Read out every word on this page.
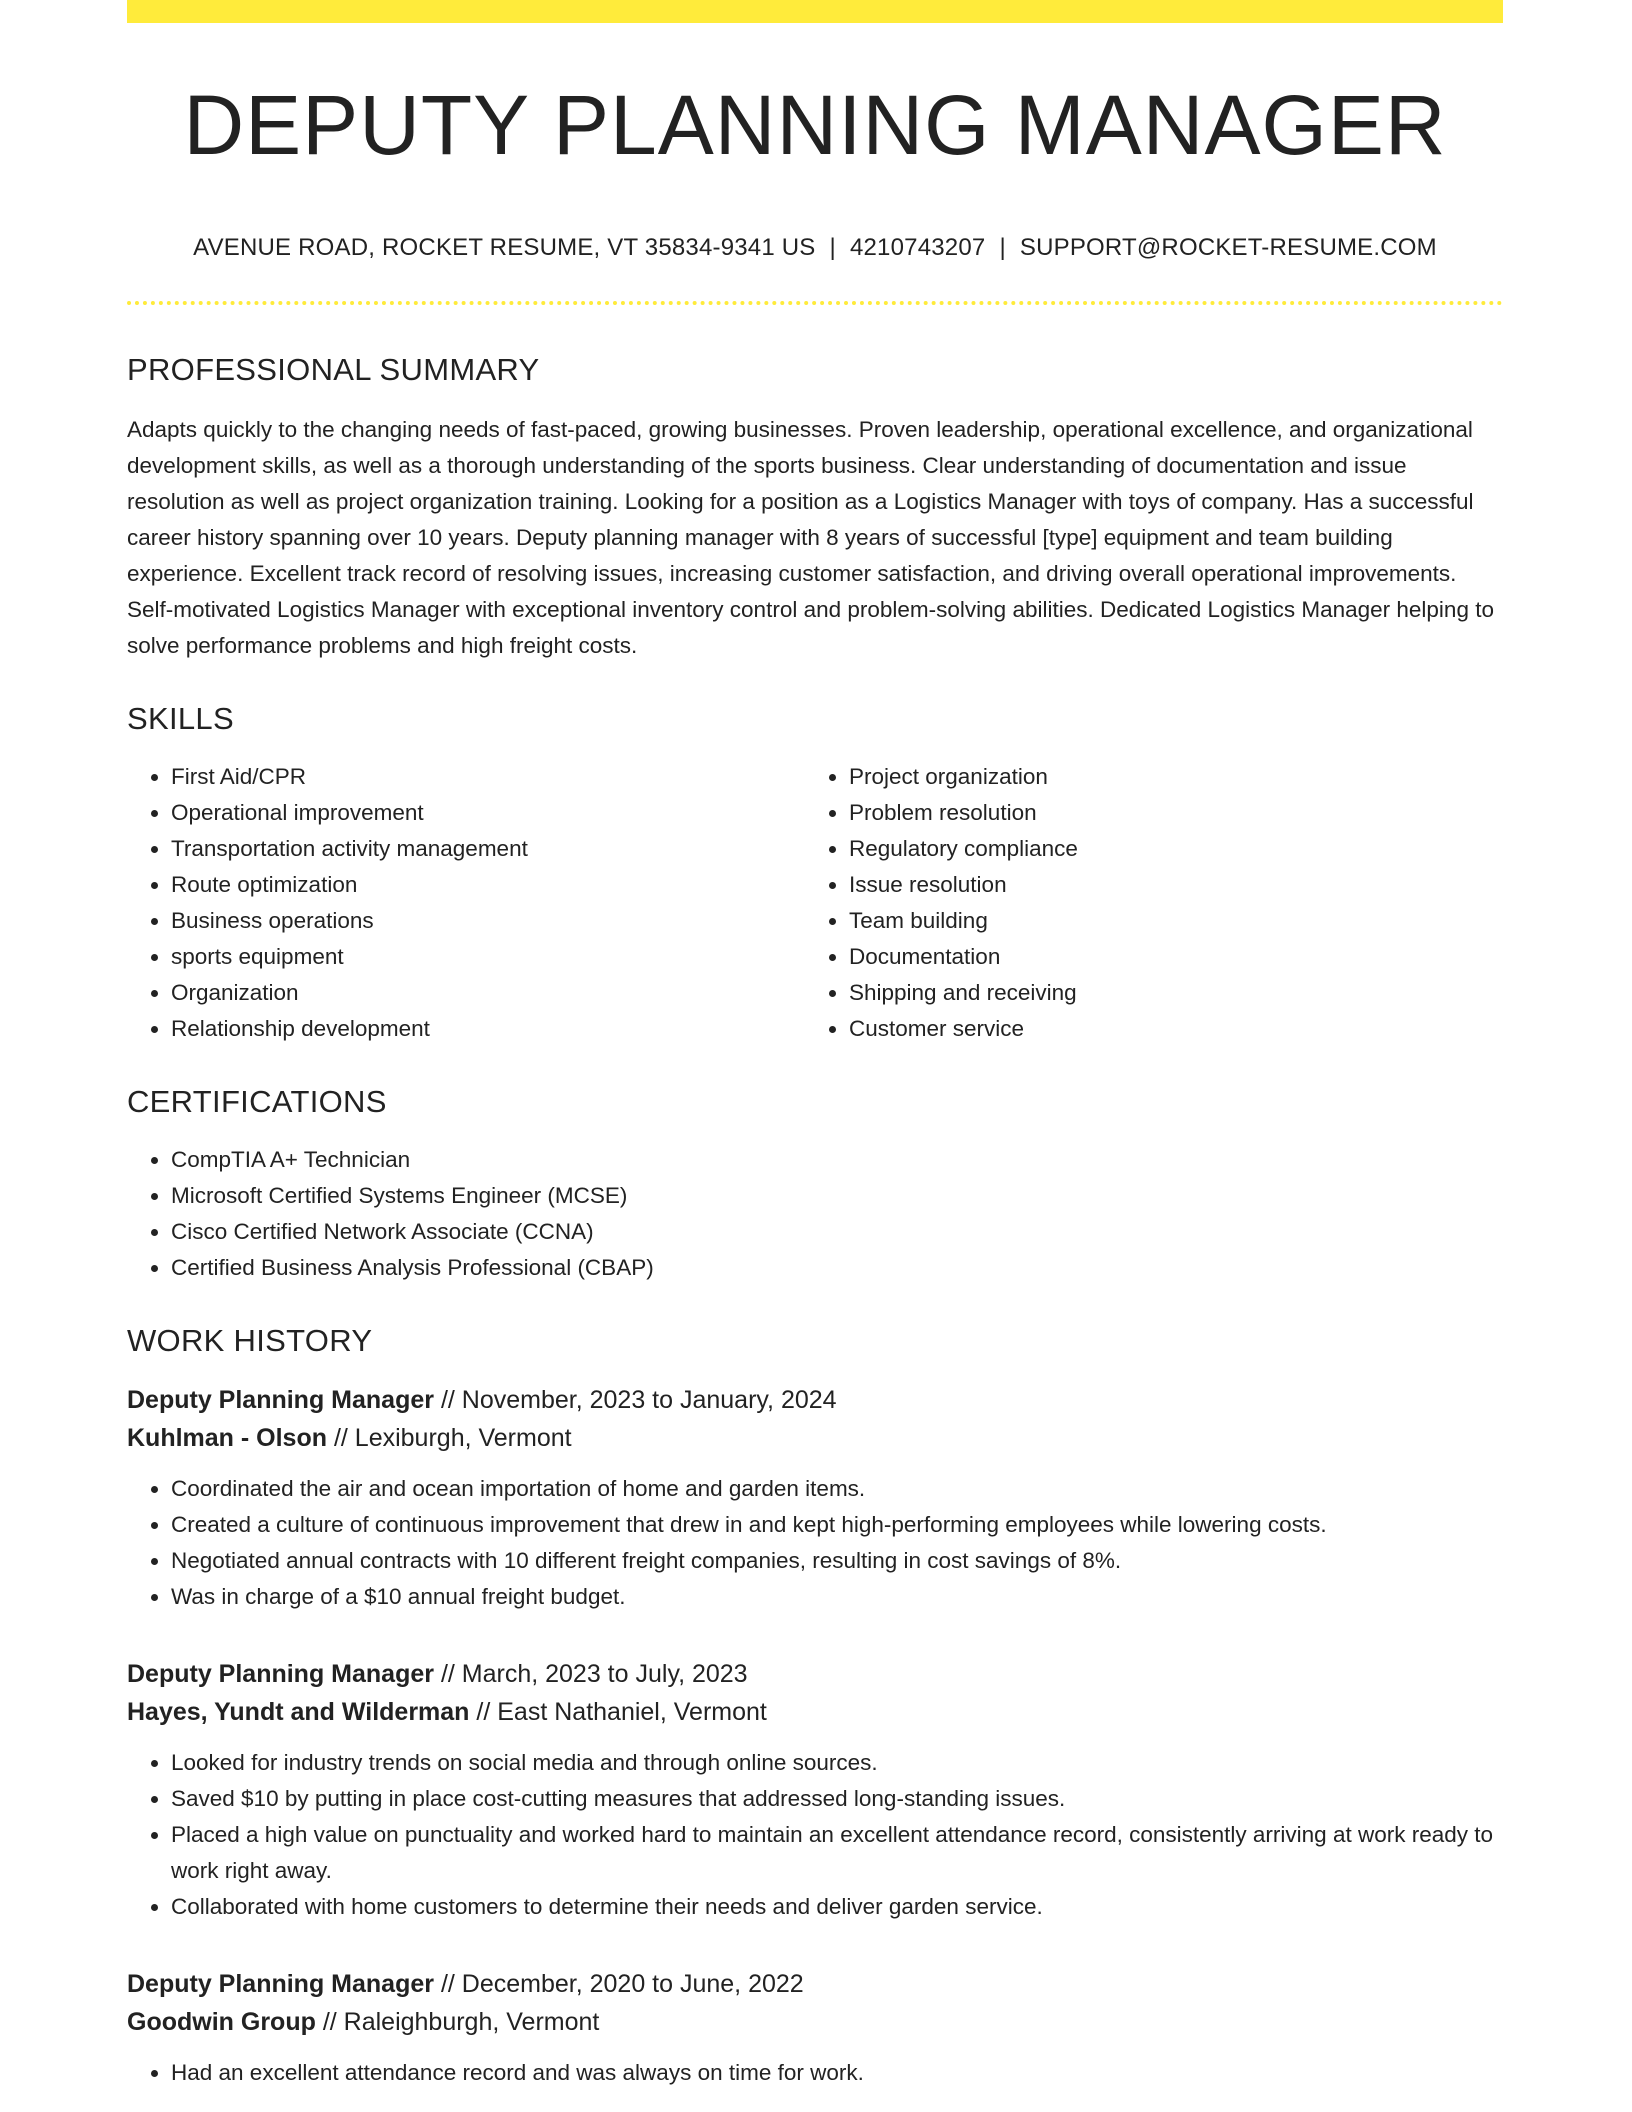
DEPUTY PLANNING MANAGER
AVENUE ROAD, ROCKET RESUME, VT 35834-9341 US | 4210743207 | SUPPORT@ROCKET-RESUME.COM
PROFESSIONAL SUMMARY
Adapts quickly to the changing needs of fast-paced, growing businesses. Proven leadership, operational excellence, and organizational development skills, as well as a thorough understanding of the sports business. Clear understanding of documentation and issue resolution as well as project organization training. Looking for a position as a Logistics Manager with toys of company. Has a successful career history spanning over 10 years. Deputy planning manager with 8 years of successful [type] equipment and team building experience. Excellent track record of resolving issues, increasing customer satisfaction, and driving overall operational improvements. Self-motivated Logistics Manager with exceptional inventory control and problem-solving abilities. Dedicated Logistics Manager helping to solve performance problems and high freight costs.
SKILLS
• First Aid/CPR
• Operational improvement
• Transportation activity management
• Route optimization
• Business operations
• sports equipment
• Organization
• Relationship development
• Project organization
• Problem resolution
• Regulatory compliance
• Issue resolution
• Team building
• Documentation
• Shipping and receiving
• Customer service
CERTIFICATIONS
• CompTIA A+ Technician
• Microsoft Certified Systems Engineer (MCSE)
• Cisco Certified Network Associate (CCNA)
• Certified Business Analysis Professional (CBAP)
WORK HISTORY
Deputy Planning Manager // November, 2023 to January, 2024
Kuhlman - Olson // Lexiburgh, Vermont
• Coordinated the air and ocean importation of home and garden items.
• Created a culture of continuous improvement that drew in and kept high-performing employees while lowering costs.
• Negotiated annual contracts with 10 different freight companies, resulting in cost savings of 8%.
• Was in charge of a $10 annual freight budget.
Deputy Planning Manager // March, 2023 to July, 2023
Hayes, Yundt and Wilderman // East Nathaniel, Vermont
• Looked for industry trends on social media and through online sources.
• Saved $10 by putting in place cost-cutting measures that addressed long-standing issues.
• Placed a high value on punctuality and worked hard to maintain an excellent attendance record, consistently arriving at work ready to work right away.
• Collaborated with home customers to determine their needs and deliver garden service.
Deputy Planning Manager // December, 2020 to June, 2022
Goodwin Group // Raleighburgh, Vermont
• Had an excellent attendance record and was always on time for work.
